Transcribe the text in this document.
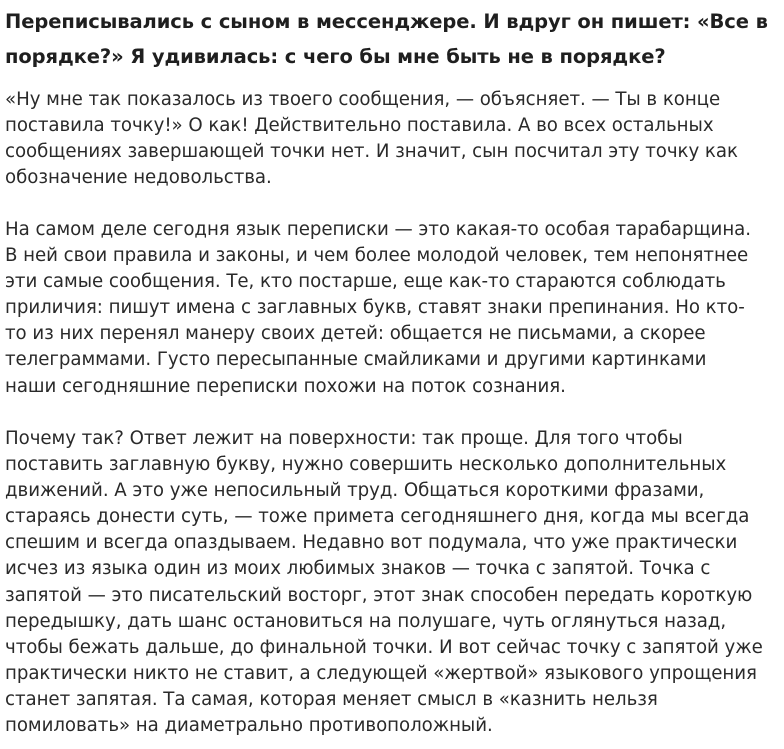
Переписывались с сыном в мессенджере. И вдруг он пишет: «Все в
порядке?» Я удивилась: с чего бы мне быть не в порядке?

«Ну мне так показалось из твоего сообщения, — объясняет. — Ты в конце
поставила точку!» О как! Действительно поставила. А во всех остальных
сообщениях завершающей точки нет. И значит, сын посчитал эту точку как
обозначение недовольства.

На самом деле сегодня язык переписки — это какая-то особая тарабарщина.
В ней свои правила и законы, и чем более молодой человек, тем непонятнее
эти самые сообщения. Те, кто постарше, еще как-то стараются соблюдать
приличия: пишут имена с заглавных букв, ставят знаки препинания. Но кто-
то из них перенял манеру своих детей: общается не письмами, а скорее
телеграммами. Густо пересыпанные смайликами и другими картинками
наши сегодняшние переписки похожи на поток сознания.

Почему так? Ответ лежит на поверхности: так проще. Для того чтобы
поставить заглавную букву, нужно совершить несколько дополнительных
движений. А это уже непосильный труд. Общаться короткими фразами,
стараясь донести суть, — тоже примета сегодняшнего дня, когда мы всегда
спешим и всегда опаздываем. Недавно вот подумала, что уже практически
исчез из языка один из моих любимых знаков — точка с запятой. Точка с
запятой — это писательский восторг, этот знак способен передать короткую
передышку, дать шанс остановиться на полушаге, чуть оглянуться назад,
чтобы бежать дальше, до финальной точки. И вот сейчас точку с запятой уже
практически никто не ставит, а следующей «жертвой» языкового упрощения
станет запятая. Та самая, которая меняет смысл в «казнить нельзя
помиловать» на диаметрально противоположный.
